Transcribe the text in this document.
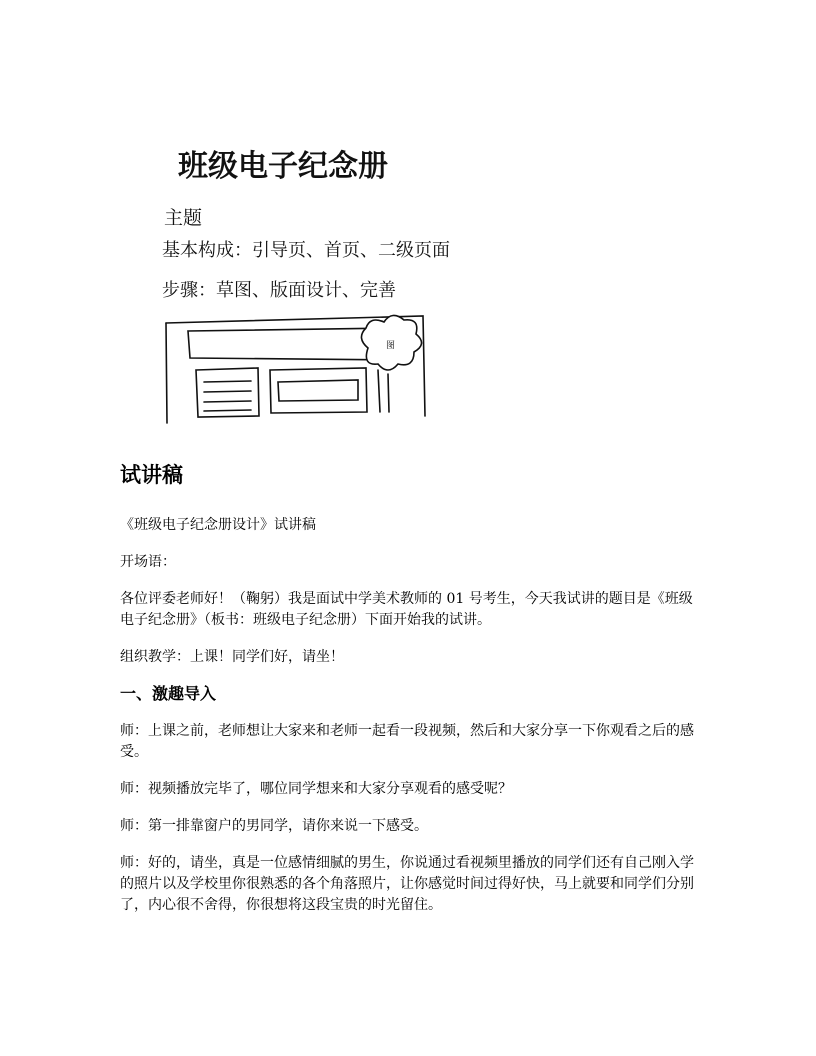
班级电子纪念册
主题
基本构成：引导页、首页、二级页面
步骤：草图、版面设计、完善
图
试讲稿

《班级电子纪念册设计》试讲稿

开场语：

各位评委老师好！（鞠躬）我是面试中学美术教师的 01 号考生，今天我试讲的题目是《班级电子纪念册》（板书：班级电子纪念册）下面开始我的试讲。

组织教学：上课！同学们好，请坐！

一、激趣导入

师：上课之前，老师想让大家来和老师一起看一段视频，然后和大家分享一下你观看之后的感受。

师：视频播放完毕了，哪位同学想来和大家分享观看的感受呢？

师：第一排靠窗户的男同学，请你来说一下感受。

师：好的，请坐，真是一位感情细腻的男生，你说通过看视频里播放的同学们还有自己刚入学的照片以及学校里你很熟悉的各个角落照片，让你感觉时间过得好快，马上就要和同学们分别了，内心很不舍得，你很想将这段宝贵的时光留住。
